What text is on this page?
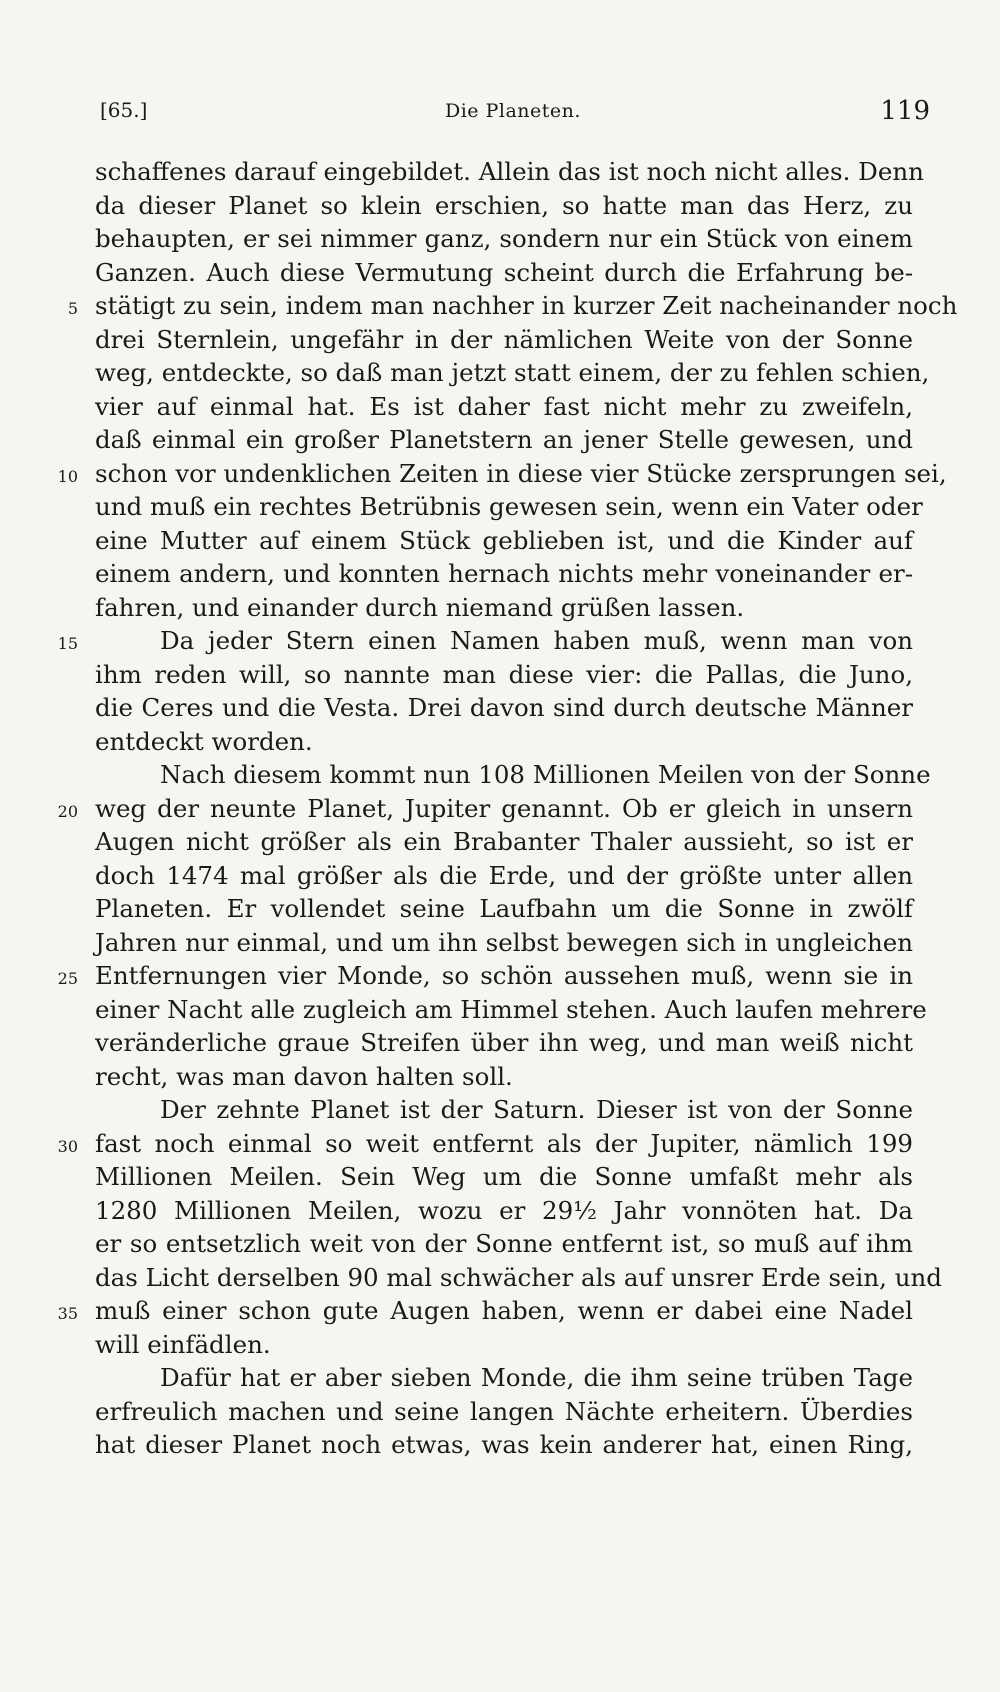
[65.]	Die Planeten.	119
schaffenes darauf eingebildet. Allein das ist noch nicht alles. Denn
da dieser Planet so klein erschien, so hatte man das Herz, zu
behaupten, er sei nimmer ganz, sondern nur ein Stück von einem
Ganzen. Auch diese Vermutung scheint durch die Erfahrung be-
stätigt zu sein, indem man nachher in kurzer Zeit nacheinander noch
drei Sternlein, ungefähr in der nämlichen Weite von der Sonne
weg, entdeckte, so daß man jetzt statt einem, der zu fehlen schien,
vier auf einmal hat. Es ist daher fast nicht mehr zu zweifeln,
daß einmal ein großer Planetstern an jener Stelle gewesen, und
schon vor undenklichen Zeiten in diese vier Stücke zersprungen sei,
und muß ein rechtes Betrübnis gewesen sein, wenn ein Vater oder
eine Mutter auf einem Stück geblieben ist, und die Kinder auf
einem andern, und konnten hernach nichts mehr voneinander er-
fahren, und einander durch niemand grüßen lassen.
Da jeder Stern einen Namen haben muß, wenn man von
ihm reden will, so nannte man diese vier: die Pallas, die Juno,
die Ceres und die Vesta. Drei davon sind durch deutsche Männer
entdeckt worden.
Nach diesem kommt nun 108 Millionen Meilen von der Sonne
weg der neunte Planet, Jupiter genannt. Ob er gleich in unsern
Augen nicht größer als ein Brabanter Thaler aussieht, so ist er
doch 1474 mal größer als die Erde, und der größte unter allen
Planeten. Er vollendet seine Laufbahn um die Sonne in zwölf
Jahren nur einmal, und um ihn selbst bewegen sich in ungleichen
Entfernungen vier Monde, so schön aussehen muß, wenn sie in
einer Nacht alle zugleich am Himmel stehen. Auch laufen mehrere
veränderliche graue Streifen über ihn weg, und man weiß nicht
recht, was man davon halten soll.
Der zehnte Planet ist der Saturn. Dieser ist von der Sonne
fast noch einmal so weit entfernt als der Jupiter, nämlich 199
Millionen Meilen. Sein Weg um die Sonne umfaßt mehr als
1280 Millionen Meilen, wozu er 29½ Jahr vonnöten hat. Da
er so entsetzlich weit von der Sonne entfernt ist, so muß auf ihm
das Licht derselben 90 mal schwächer als auf unsrer Erde sein, und
muß einer schon gute Augen haben, wenn er dabei eine Nadel
will einfädlen.
Dafür hat er aber sieben Monde, die ihm seine trüben Tage
erfreulich machen und seine langen Nächte erheitern. Überdies
hat dieser Planet noch etwas, was kein anderer hat, einen Ring,
5
10
15
20
25
30
35
